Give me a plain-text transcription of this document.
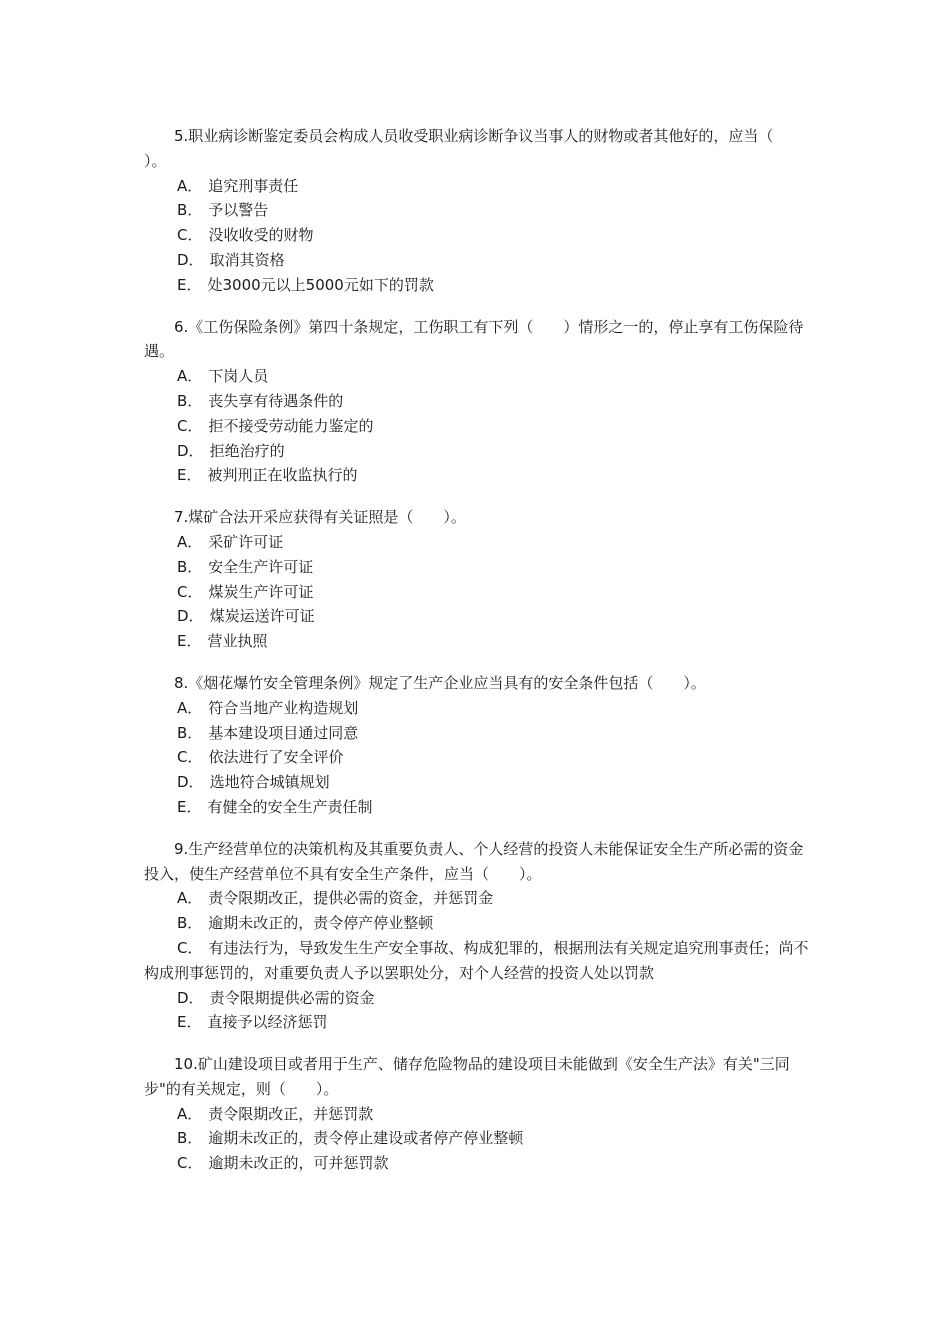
5.职业病诊断鉴定委员会构成人员收受职业病诊断争议当事人的财物或者其他好的，应当（　　）。

A． 追究刑事责任

B． 予以警告

C． 没收收受的财物

D． 取消其资格

E． 处3000元以上5000元如下的罚款

6.《工伤保险条例》第四十条规定，工伤职工有下列（　　）情形之一的，停止享有工伤保险待遇。

A． 下岗人员

B． 丧失享有待遇条件的

C． 拒不接受劳动能力鉴定的

D． 拒绝治疗的

E． 被判刑正在收监执行的

7.煤矿合法开采应获得有关证照是（　　）。

A． 采矿许可证

B． 安全生产许可证

C． 煤炭生产许可证

D． 煤炭运送许可证

E． 营业执照

8.《烟花爆竹安全管理条例》规定了生产企业应当具有的安全条件包括（　　）。

A． 符合当地产业构造规划

B． 基本建设项目通过同意

C． 依法进行了安全评价

D． 选地符合城镇规划

E． 有健全的安全生产责任制

9.生产经营单位的决策机构及其重要负责人、个人经营的投资人未能保证安全生产所必需的资金投入，使生产经营单位不具有安全生产条件，应当（　　）。

A． 责令限期改正，提供必需的资金，并惩罚金

B． 逾期未改正的，责令停产停业整顿

C． 有违法行为，导致发生生产安全事故、构成犯罪的，根据刑法有关规定追究刑事责任；尚不构成刑事惩罚的，对重要负责人予以罢职处分，对个人经营的投资人处以罚款

D． 责令限期提供必需的资金

E． 直接予以经济惩罚

10.矿山建设项目或者用于生产、储存危险物品的建设项目未能做到《安全生产法》有关"三同步"的有关规定，则（　　）。

A． 责令限期改正，并惩罚款

B． 逾期未改正的，责令停止建设或者停产停业整顿

C． 逾期未改正的，可并惩罚款
